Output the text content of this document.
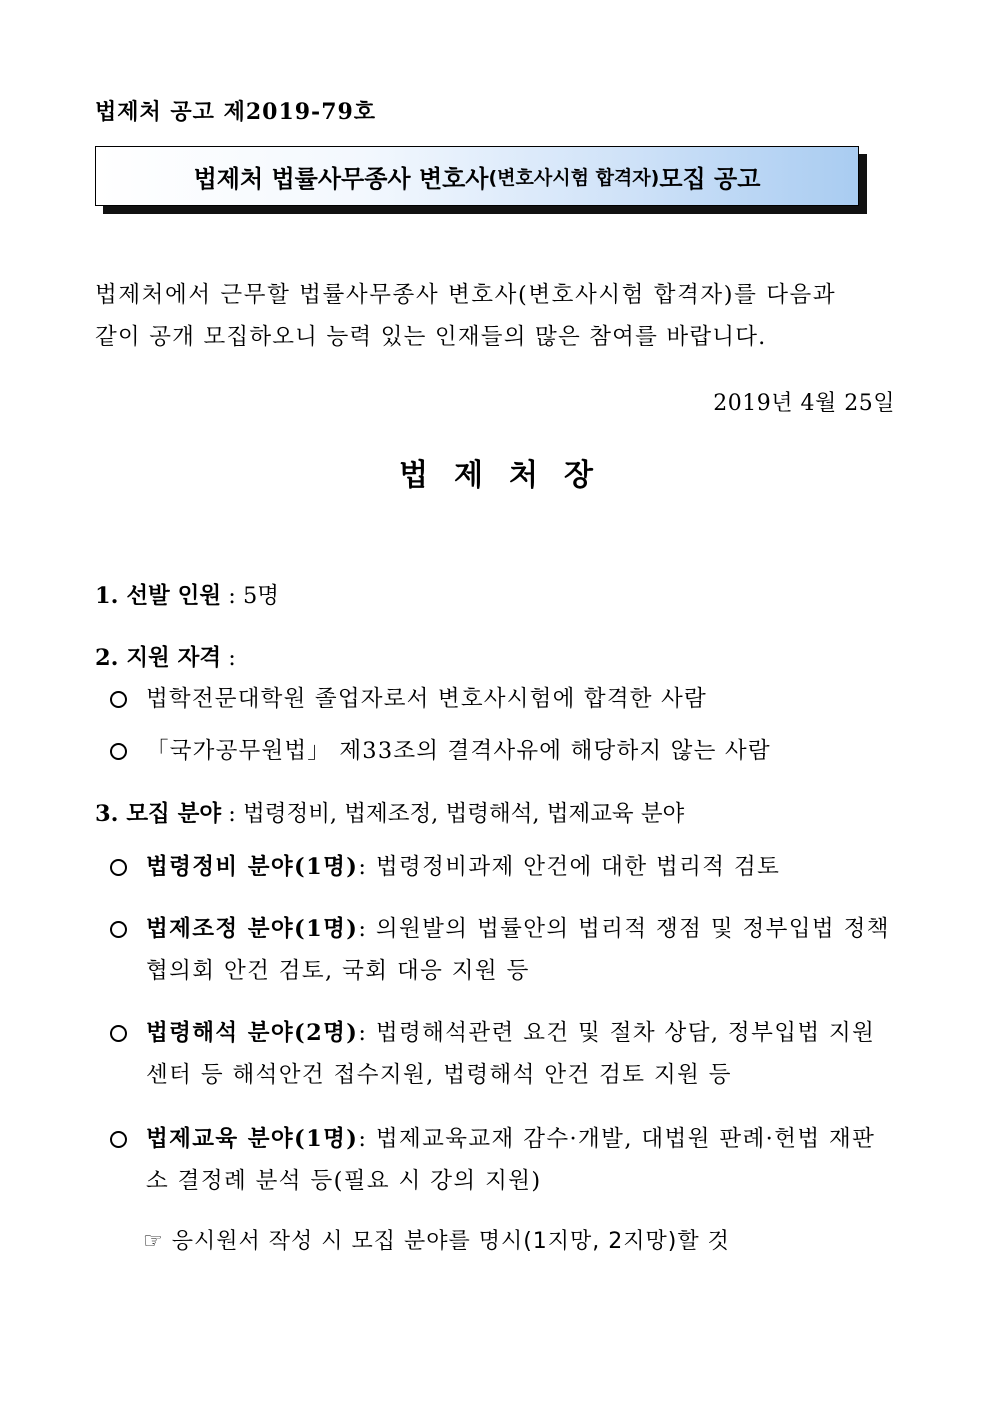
법제처 공고 제2019-79호
법제처 법률사무종사 변호사 (변호사시험 합격자) 모집 공고
법제처에서 근무할 법률사무종사 변호사(변호사시험 합격자)를 다음과
같이 공개 모집하오니 능력 있는 인재들의 많은 참여를 바랍니다.
2019년 4월 25일
법제처장
1. 선발 인원 : 5명
2. 지원 자격 :
법학전문대학원 졸업자로서 변호사시험에 합격한 사람
「국가공무원법」 제33조의 결격사유에 해당하지 않는 사람
3. 모집 분야 : 법령정비, 법제조정, 법령해석, 법제교육 분야
법령정비 분야(1명): 법령정비과제 안건에 대한 법리적 검토
법제조정 분야(1명): 의원발의 법률안의 법리적 쟁점 및 정부입법 정책협의회 안건 검토, 국회 대응 지원 등
법령해석 분야(2명): 법령해석관련 요건 및 절차 상담, 정부입법 지원센터 등 해석안건 접수지원, 법령해석 안건 검토 지원 등
법제교육 분야(1명): 법제교육교재 감수·개발, 대법원 판례·헌법 재판소 결정례 분석 등(필요 시 강의 지원)
☞ 응시원서 작성 시 모집 분야를 명시(1지망, 2지망)할 것
